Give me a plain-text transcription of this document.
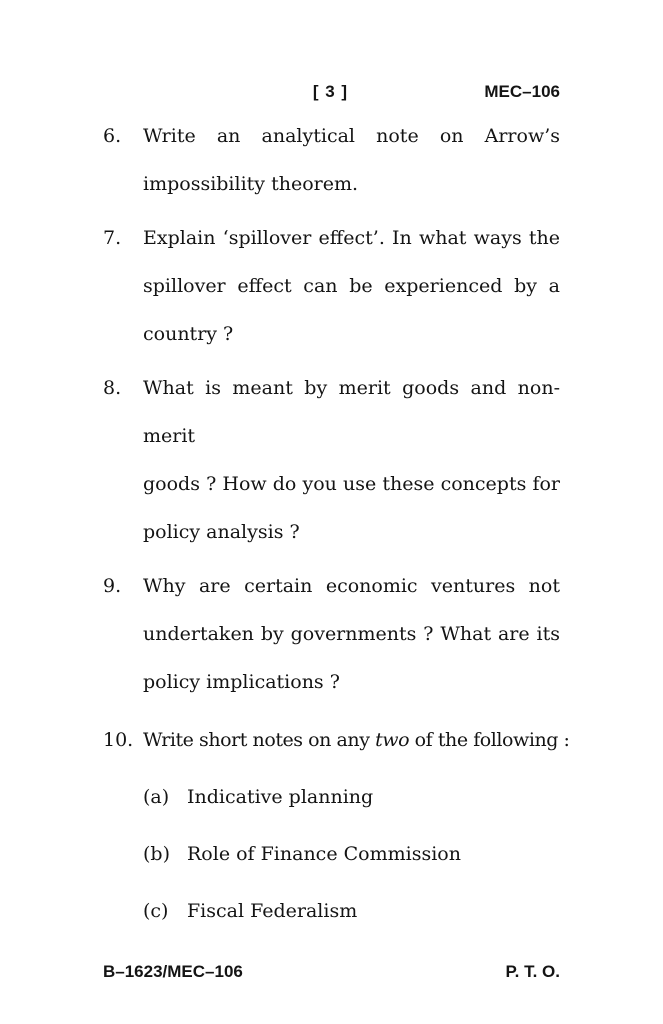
[ 3 ]	MEC–106
6.	Write an analytical note on Arrow’s
impossibility theorem.
7.	Explain ‘spillover effect’. In what ways the
spillover effect can be experienced by a
country ?
8.	What is meant by merit goods and non-merit
goods ? How do you use these concepts for
policy analysis ?
9.	Why are certain economic ventures not
undertaken by governments ? What are its
policy implications ?
10. Write short notes on any two of the following :
(a) Indicative planning
(b) Role of Finance Commission
(c) Fiscal Federalism
B–1623/MEC–106	P. T. O.
